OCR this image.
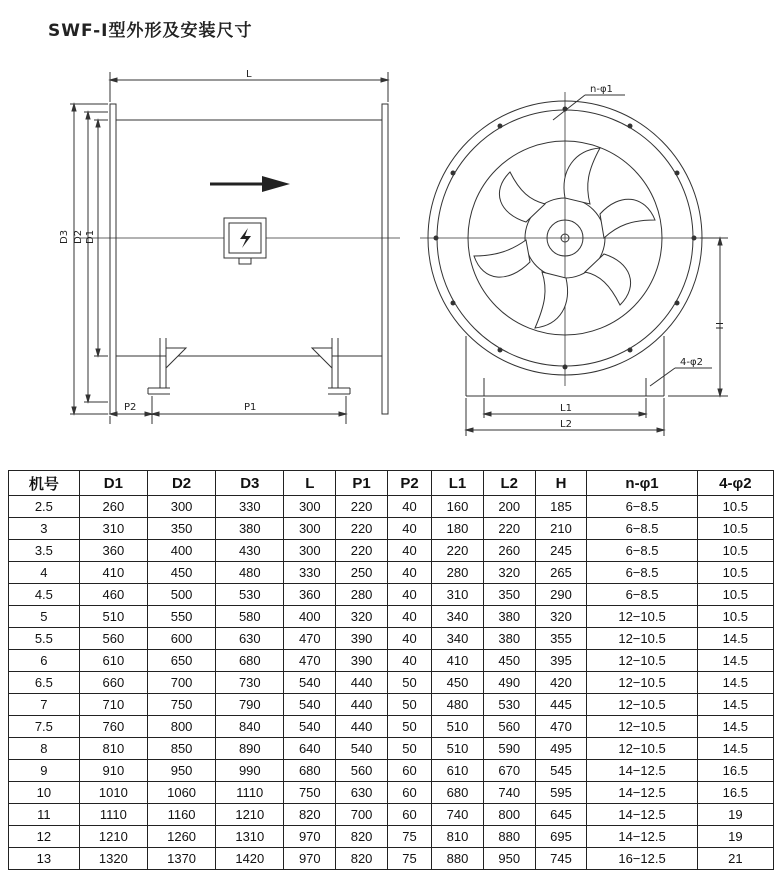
SWF-Ⅰ型外形及安装尺寸
L
D3 D2 D1
P2	P1
n-φ1
H
4-φ2
L1
L2
机号	D1	D2	D3	L	P1	P2	L1	L2	H	n-φ1	4-φ2
2.5	260	300	330	300	220	40	160	200	185	6−8.5	10.5
3	310	350	380	300	220	40	180	220	210	6−8.5	10.5
3.5	360	400	430	300	220	40	220	260	245	6−8.5	10.5
4	410	450	480	330	250	40	280	320	265	6−8.5	10.5
4.5	460	500	530	360	280	40	310	350	290	6−8.5	10.5
5	510	550	580	400	320	40	340	380	320	12−10.5	10.5
5.5	560	600	630	470	390	40	340	380	355	12−10.5	14.5
6	610	650	680	470	390	40	410	450	395	12−10.5	14.5
6.5	660	700	730	540	440	50	450	490	420	12−10.5	14.5
7	710	750	790	540	440	50	480	530	445	12−10.5	14.5
7.5	760	800	840	540	440	50	510	560	470	12−10.5	14.5
8	810	850	890	640	540	50	510	590	495	12−10.5	14.5
9	910	950	990	680	560	60	610	670	545	14−12.5	16.5
10	1010	1060	1110	750	630	60	680	740	595	14−12.5	16.5
11	1110	1160	1210	820	700	60	740	800	645	14−12.5	19
12	1210	1260	1310	970	820	75	810	880	695	14−12.5	19
13	1320	1370	1420	970	820	75	880	950	745	16−12.5	21
